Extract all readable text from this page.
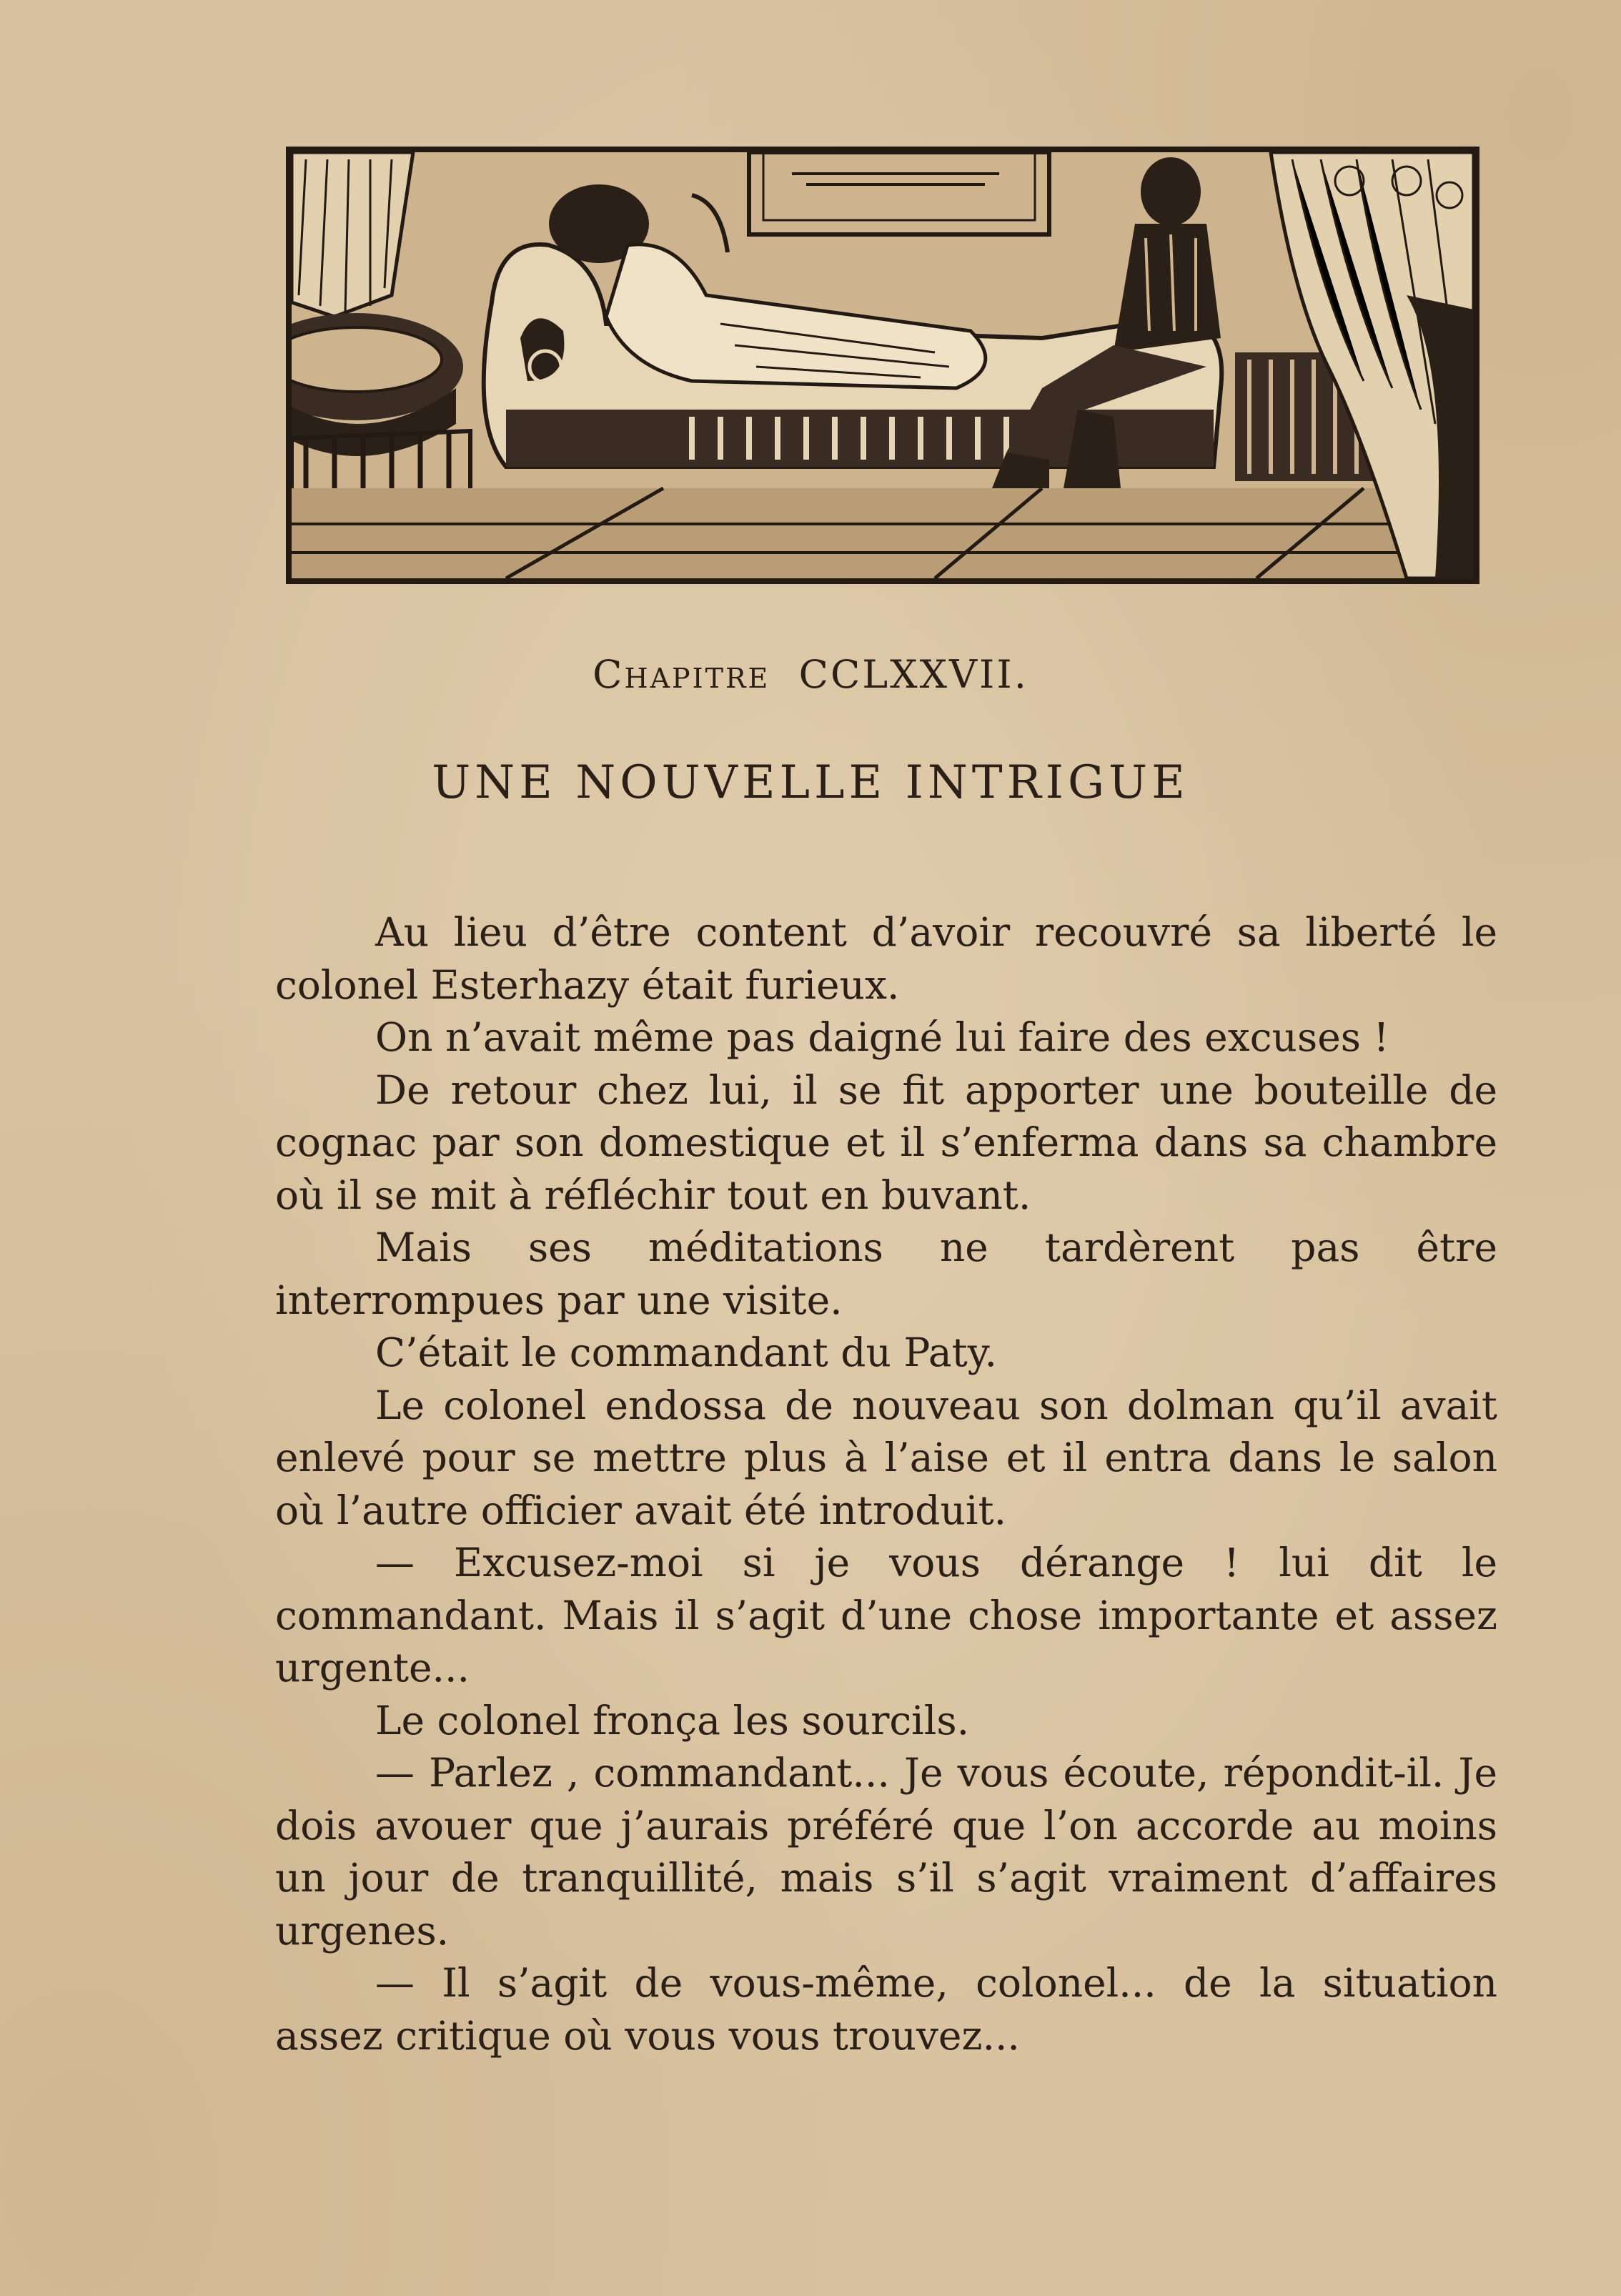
Chapitre CCLXXVII.
UNE NOUVELLE INTRIGUE

Au lieu d’être content d’avoir recouvré sa liberté le colonel Esterhazy était furieux.

On n’avait même pas daigné lui faire des excuses !

De retour chez lui, il se fit apporter une bouteille de cognac par son domestique et il s’enferma dans sa chambre où il se mit à réfléchir tout en buvant.

Mais ses méditations ne tardèrent pas être interrompues par une visite.

C’était le commandant du Paty.

Le colonel endossa de nouveau son dolman qu’il avait enlevé pour se mettre plus à l’aise et il entra dans le salon où l’autre officier avait été introduit.

— Excusez-moi si je vous dérange ! lui dit le commandant. Mais il s’agit d’une chose importante et assez urgente...

Le colonel fronça les sourcils.

— Parlez , commandant... Je vous écoute, répondit-il. Je dois avouer que j’aurais préféré que l’on accorde au moins un jour de tranquillité, mais s’il s’agit vraiment d’affaires urgenes.

— Il s’agit de vous-même, colonel... de la situation assez critique où vous vous trouvez...
